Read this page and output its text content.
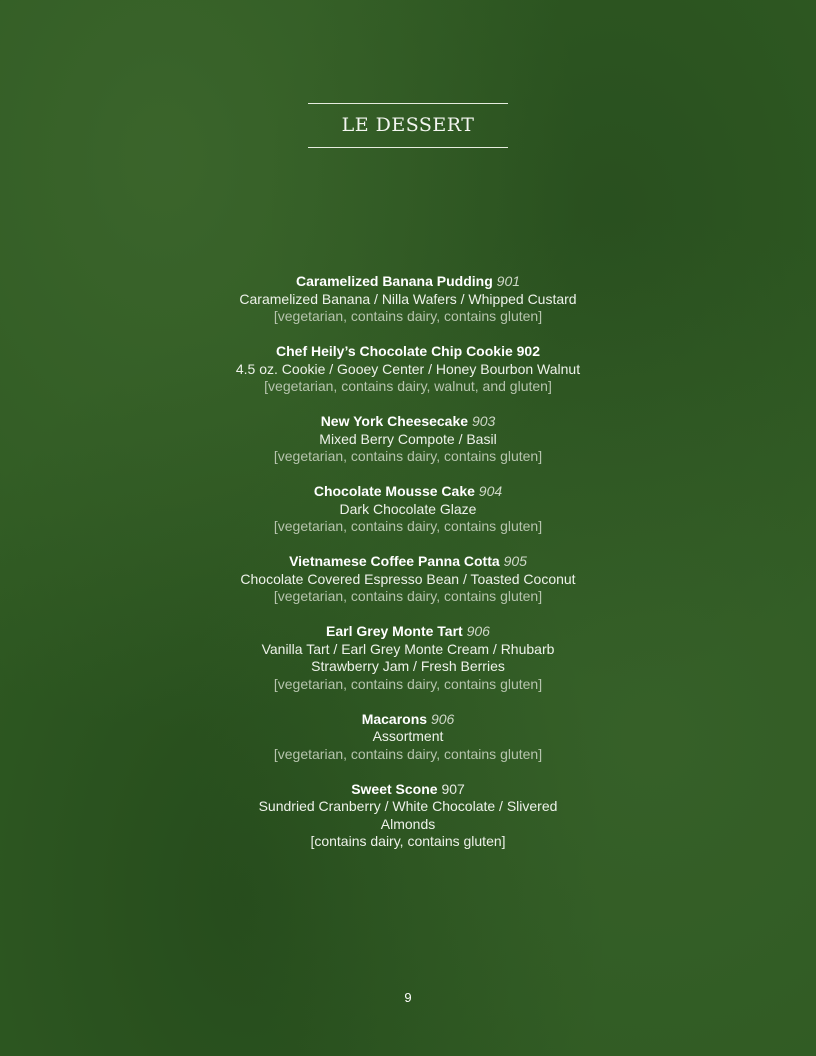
LE DESSERT
Caramelized Banana Pudding 901
Caramelized Banana / Nilla Wafers / Whipped Custard
[vegetarian, contains dairy, contains gluten]
Chef Heily’s Chocolate Chip Cookie 902
4.5 oz. Cookie / Gooey Center / Honey Bourbon Walnut
[vegetarian, contains dairy, walnut, and gluten]
New York Cheesecake 903
Mixed Berry Compote / Basil
[vegetarian, contains dairy, contains gluten]
Chocolate Mousse Cake 904
Dark Chocolate Glaze
[vegetarian, contains dairy, contains gluten]
Vietnamese Coffee Panna Cotta 905
Chocolate Covered Espresso Bean / Toasted Coconut
[vegetarian, contains dairy, contains gluten]
Earl Grey Monte Tart 906
Vanilla Tart / Earl Grey Monte Cream / Rhubarb
Strawberry Jam / Fresh Berries
[vegetarian, contains dairy, contains gluten]
Macarons 906
Assortment
[vegetarian, contains dairy, contains gluten]
Sweet Scone 907
Sundried Cranberry / White Chocolate / Slivered
Almonds
[contains dairy, contains gluten]
9
